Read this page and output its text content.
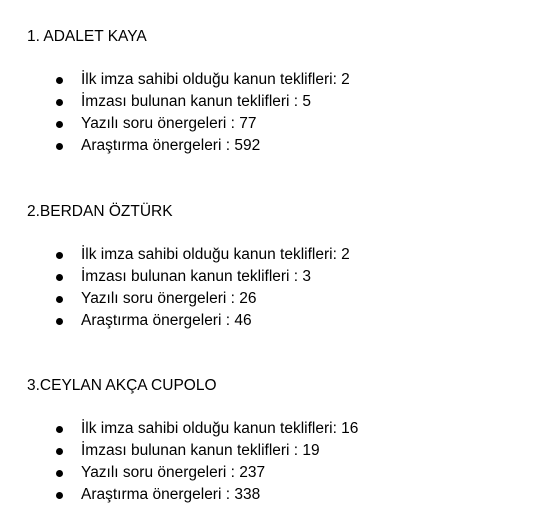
1. ADALET KAYA
İlk imza sahibi olduğu kanun teklifleri: 2
İmzası bulunan kanun teklifleri : 5
Yazılı soru önergeleri : 77
Araştırma önergeleri : 592
2.BERDAN ÖZTÜRK
İlk imza sahibi olduğu kanun teklifleri: 2
İmzası bulunan kanun teklifleri : 3
Yazılı soru önergeleri : 26
Araştırma önergeleri : 46
3.CEYLAN AKÇA CUPOLO
İlk imza sahibi olduğu kanun teklifleri: 16
İmzası bulunan kanun teklifleri : 19
Yazılı soru önergeleri : 237
Araştırma önergeleri : 338
